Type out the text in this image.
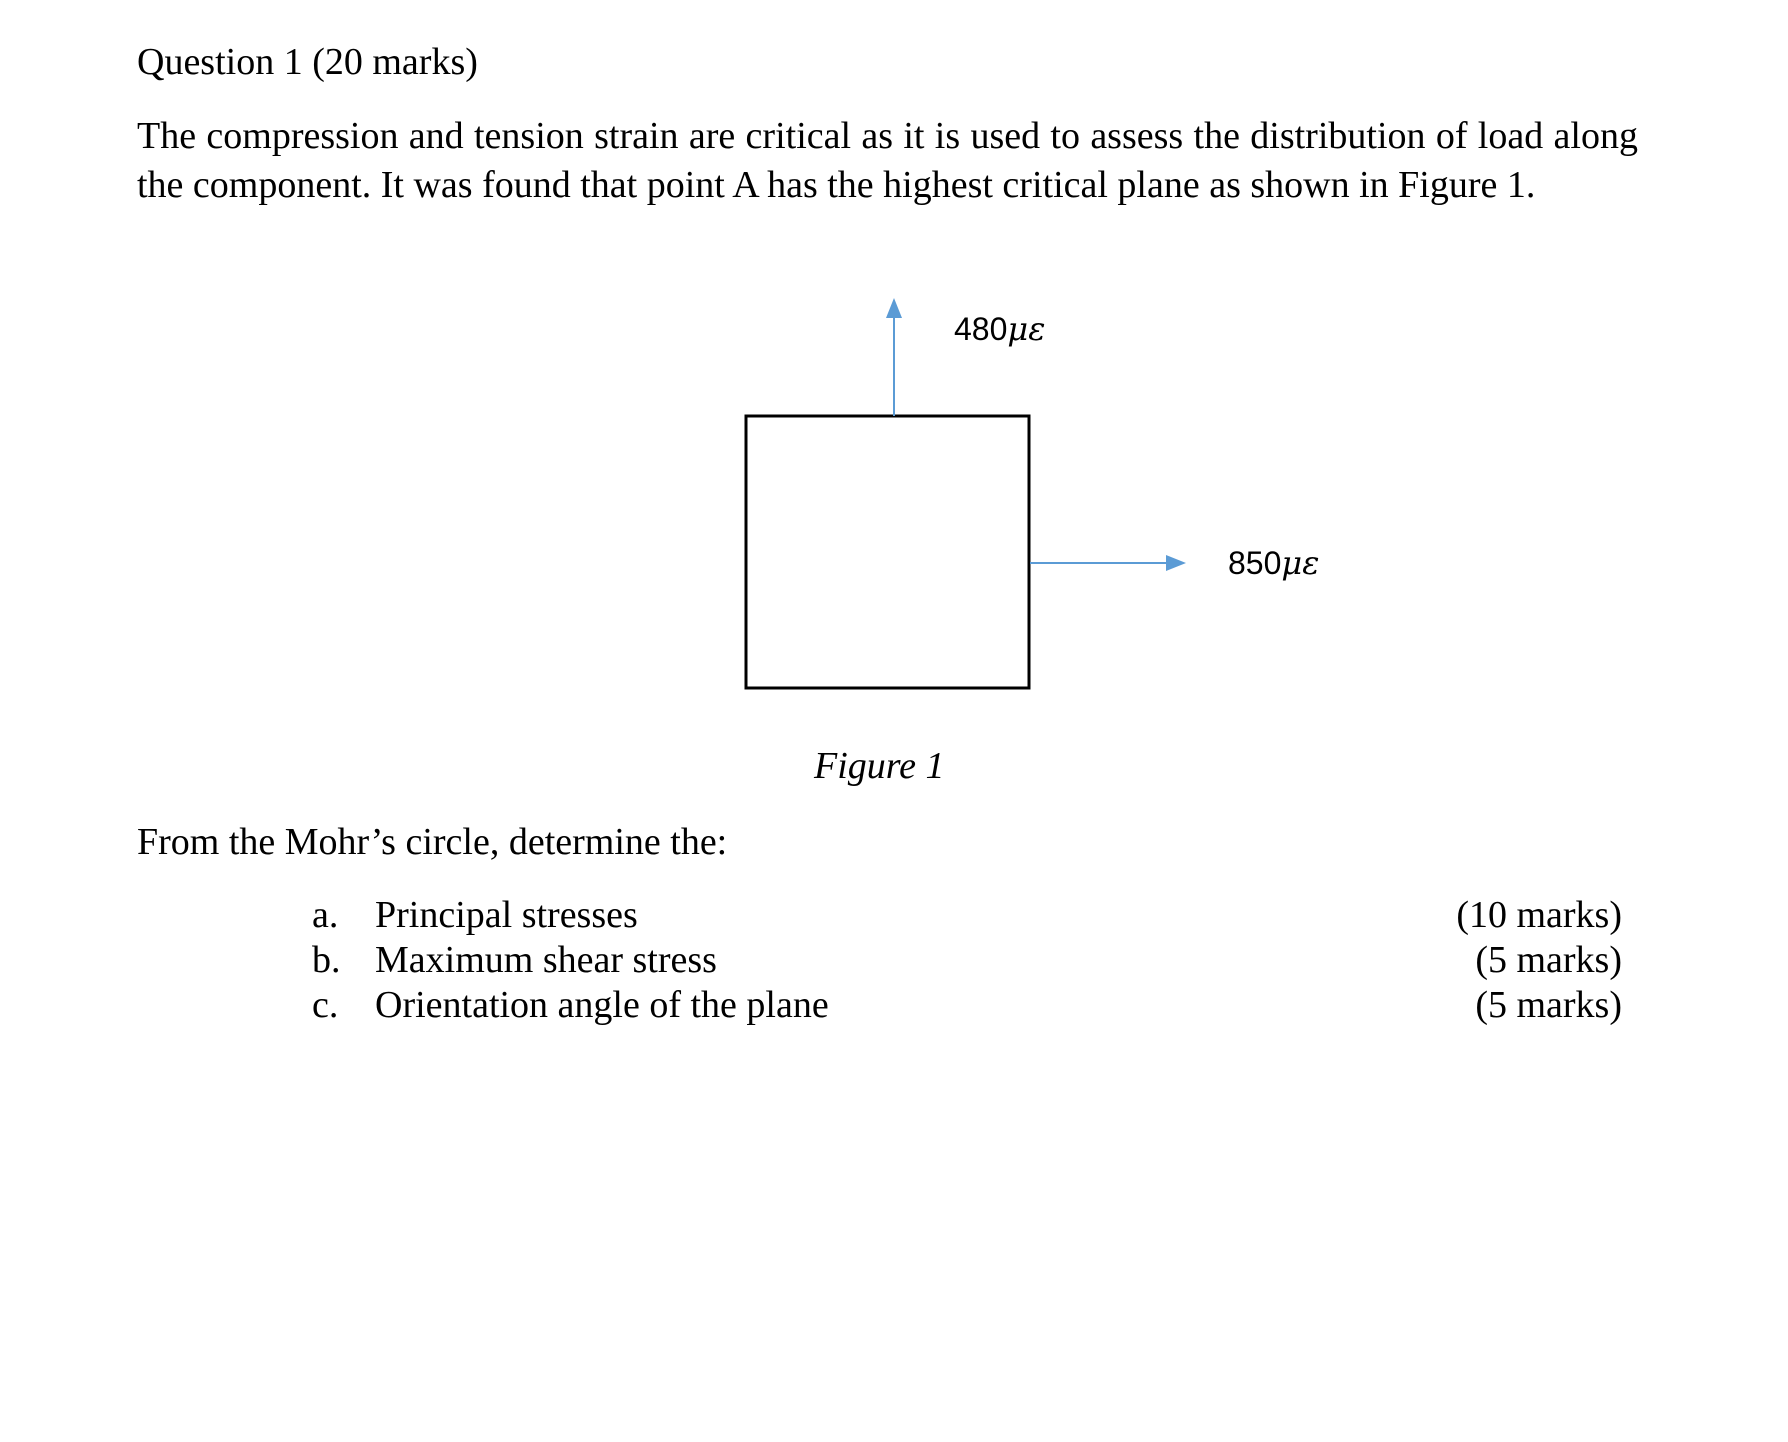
Question 1 (20 marks)

The compression and tension strain are critical as it is used to assess the distribution of load along the component. It was found that point A has the highest critical plane as shown in Figure 1.

480με
850με
Figure 1
From the Mohr’s circle, determine the:
a. Principal stresses	(10 marks)
b. Maximum shear stress	(5 marks)
c. Orientation angle of the plane	(5 marks)
